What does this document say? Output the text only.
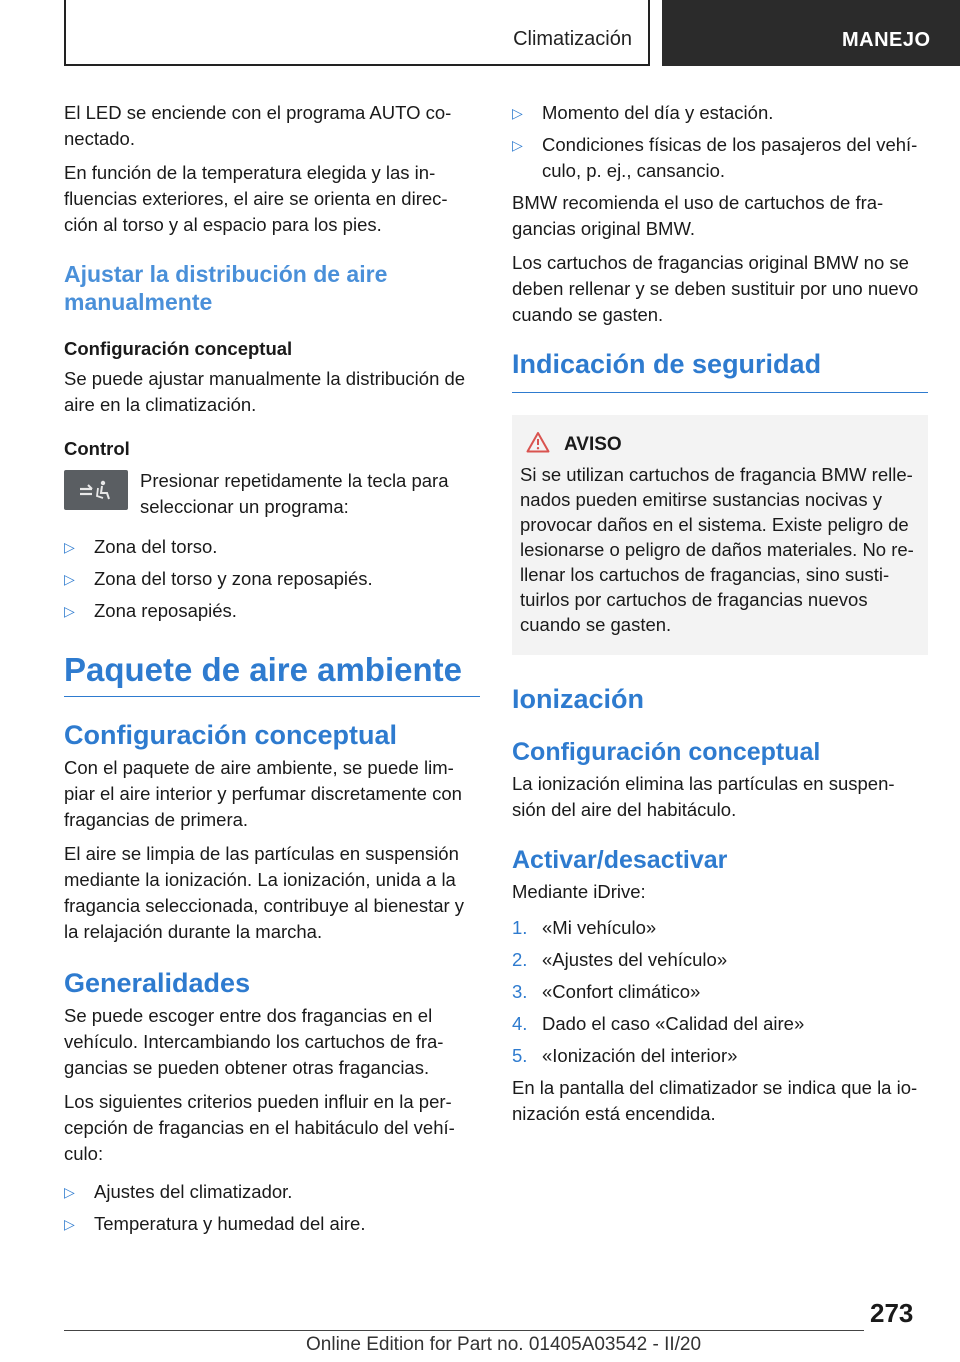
Climatización	MANEJO

El LED se enciende con el programa AUTO co-nectado.

En función de la temperatura elegida y las in-fluencias exteriores, el aire se orienta en direc-ción al torso y al espacio para los pies.

Ajustar la distribución de aire manualmente
Configuración conceptual

Se puede ajustar manualmente la distribución de aire en la climatización.

Control
Presionar repetidamente la tecla para seleccionar un programa:
▷ Zona del torso.
▷ Zona del torso y zona reposapiés.
▷ Zona reposapiés.
Paquete de aire ambiente
Configuración conceptual

Con el paquete de aire ambiente, se puede lim-piar el aire interior y perfumar discretamente con fragancias de primera.

El aire se limpia de las partículas en suspensión mediante la ionización. La ionización, unida a la fragancia seleccionada, contribuye al bienestar y la relajación durante la marcha.

Generalidades

Se puede escoger entre dos fragancias en el vehículo. Intercambiando los cartuchos de fra-gancias se pueden obtener otras fragancias.

Los siguientes criterios pueden influir en la per-cepción de fragancias en el habitáculo del vehí-culo:

▷ Ajustes del climatizador.
▷ Temperatura y humedad del aire.
▷ Momento del día y estación.
▷ Condiciones físicas de los pasajeros del vehí-culo, p. ej., cansancio.

BMW recomienda el uso de cartuchos de fra-gancias original BMW.

Los cartuchos de fragancias original BMW no se deben rellenar y se deben sustituir por uno nuevo cuando se gasten.

Indicación de seguridad
AVISO

Si se utilizan cartuchos de fragancia BMW relle-nados pueden emitirse sustancias nocivas y provocar daños en el sistema. Existe peligro de lesionarse o peligro de daños materiales. No re-llenar los cartuchos de fragancias, sino susti-tuirlos por cartuchos de fragancias nuevos cuando se gasten.

Ionización
Configuración conceptual

La ionización elimina las partículas en suspen-sión del aire del habitáculo.

Activar/desactivar

Mediante iDrive:

1. «Mi vehículo»
2. «Ajustes del vehículo»
3. «Confort climático»
4. Dado el caso «Calidad del aire»
5. «Ionización del interior»

En la pantalla del climatizador se indica que la io-nización está encendida.

273
Online Edition for Part no. 01405A03542 - II/20
